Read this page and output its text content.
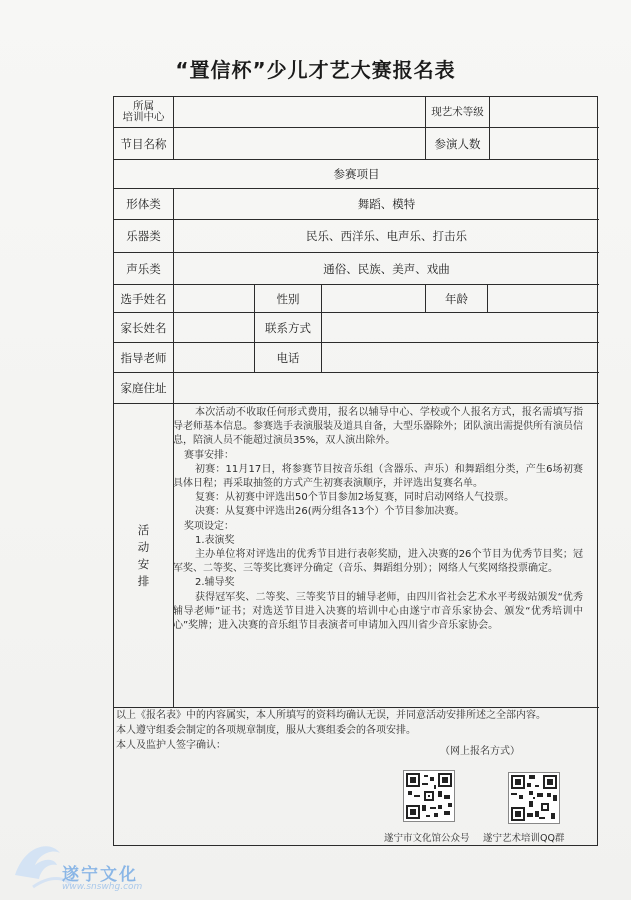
“置信杯”少儿才艺大赛报名表
所属
培训中心	现艺术等级
节目名称	参演人数
参赛项目
形体类	舞蹈、模特
乐器类	民乐、西洋乐、电声乐、打击乐
声乐类	通俗、民族、美声、戏曲
选手姓名	性别	年龄
家长姓名	联系方式
指导老师	电话
家庭住址
活
动
安
排

本次活动不收取任何形式费用，报名以辅导中心、学校或个人报名方式，报名需填写指导老师基本信息。参赛选手表演服装及道具自备，大型乐器除外；团队演出需提供所有演员信息，陪演人员不能超过演员35%，双人演出除外。

赛事安排：

初赛：11月17日，将参赛节目按音乐组（含器乐、声乐）和舞蹈组分类，产生6场初赛具体日程；再采取抽签的方式产生初赛表演顺序，并评选出复赛名单。

复赛：从初赛中评选出50个节目参加2场复赛，同时启动网络人气投票。

决赛：从复赛中评选出26(两分组各13个）个节目参加决赛。

奖项设定：

1.表演奖

主办单位将对评选出的优秀节目进行表彰奖励，进入决赛的26个节目为优秀节目奖；冠军奖、二等奖、三等奖比赛评分确定（音乐、舞蹈组分别）；网络人气奖网络投票确定。

2.辅导奖

获得冠军奖、二等奖、三等奖节目的辅导老师，由四川省社会艺术水平考级站颁发“优秀辅导老师”证书；对选送节目进入决赛的培训中心由遂宁市音乐家协会、颁发“优秀培训中心”奖牌；进入决赛的音乐组节目表演者可申请加入四川省少音乐家协会。

以上《报名表》中的内容属实，本人所填写的资料均确认无误，并同意活动安排所述之全部内容。

本人遵守组委会制定的各项规章制度，服从大赛组委会的各项安排。

本人及监护人签字确认：

（网上报名方式）
遂宁市文化馆公众号 遂宁艺术培训QQ群
遂宁文化
www.snswhg.com
